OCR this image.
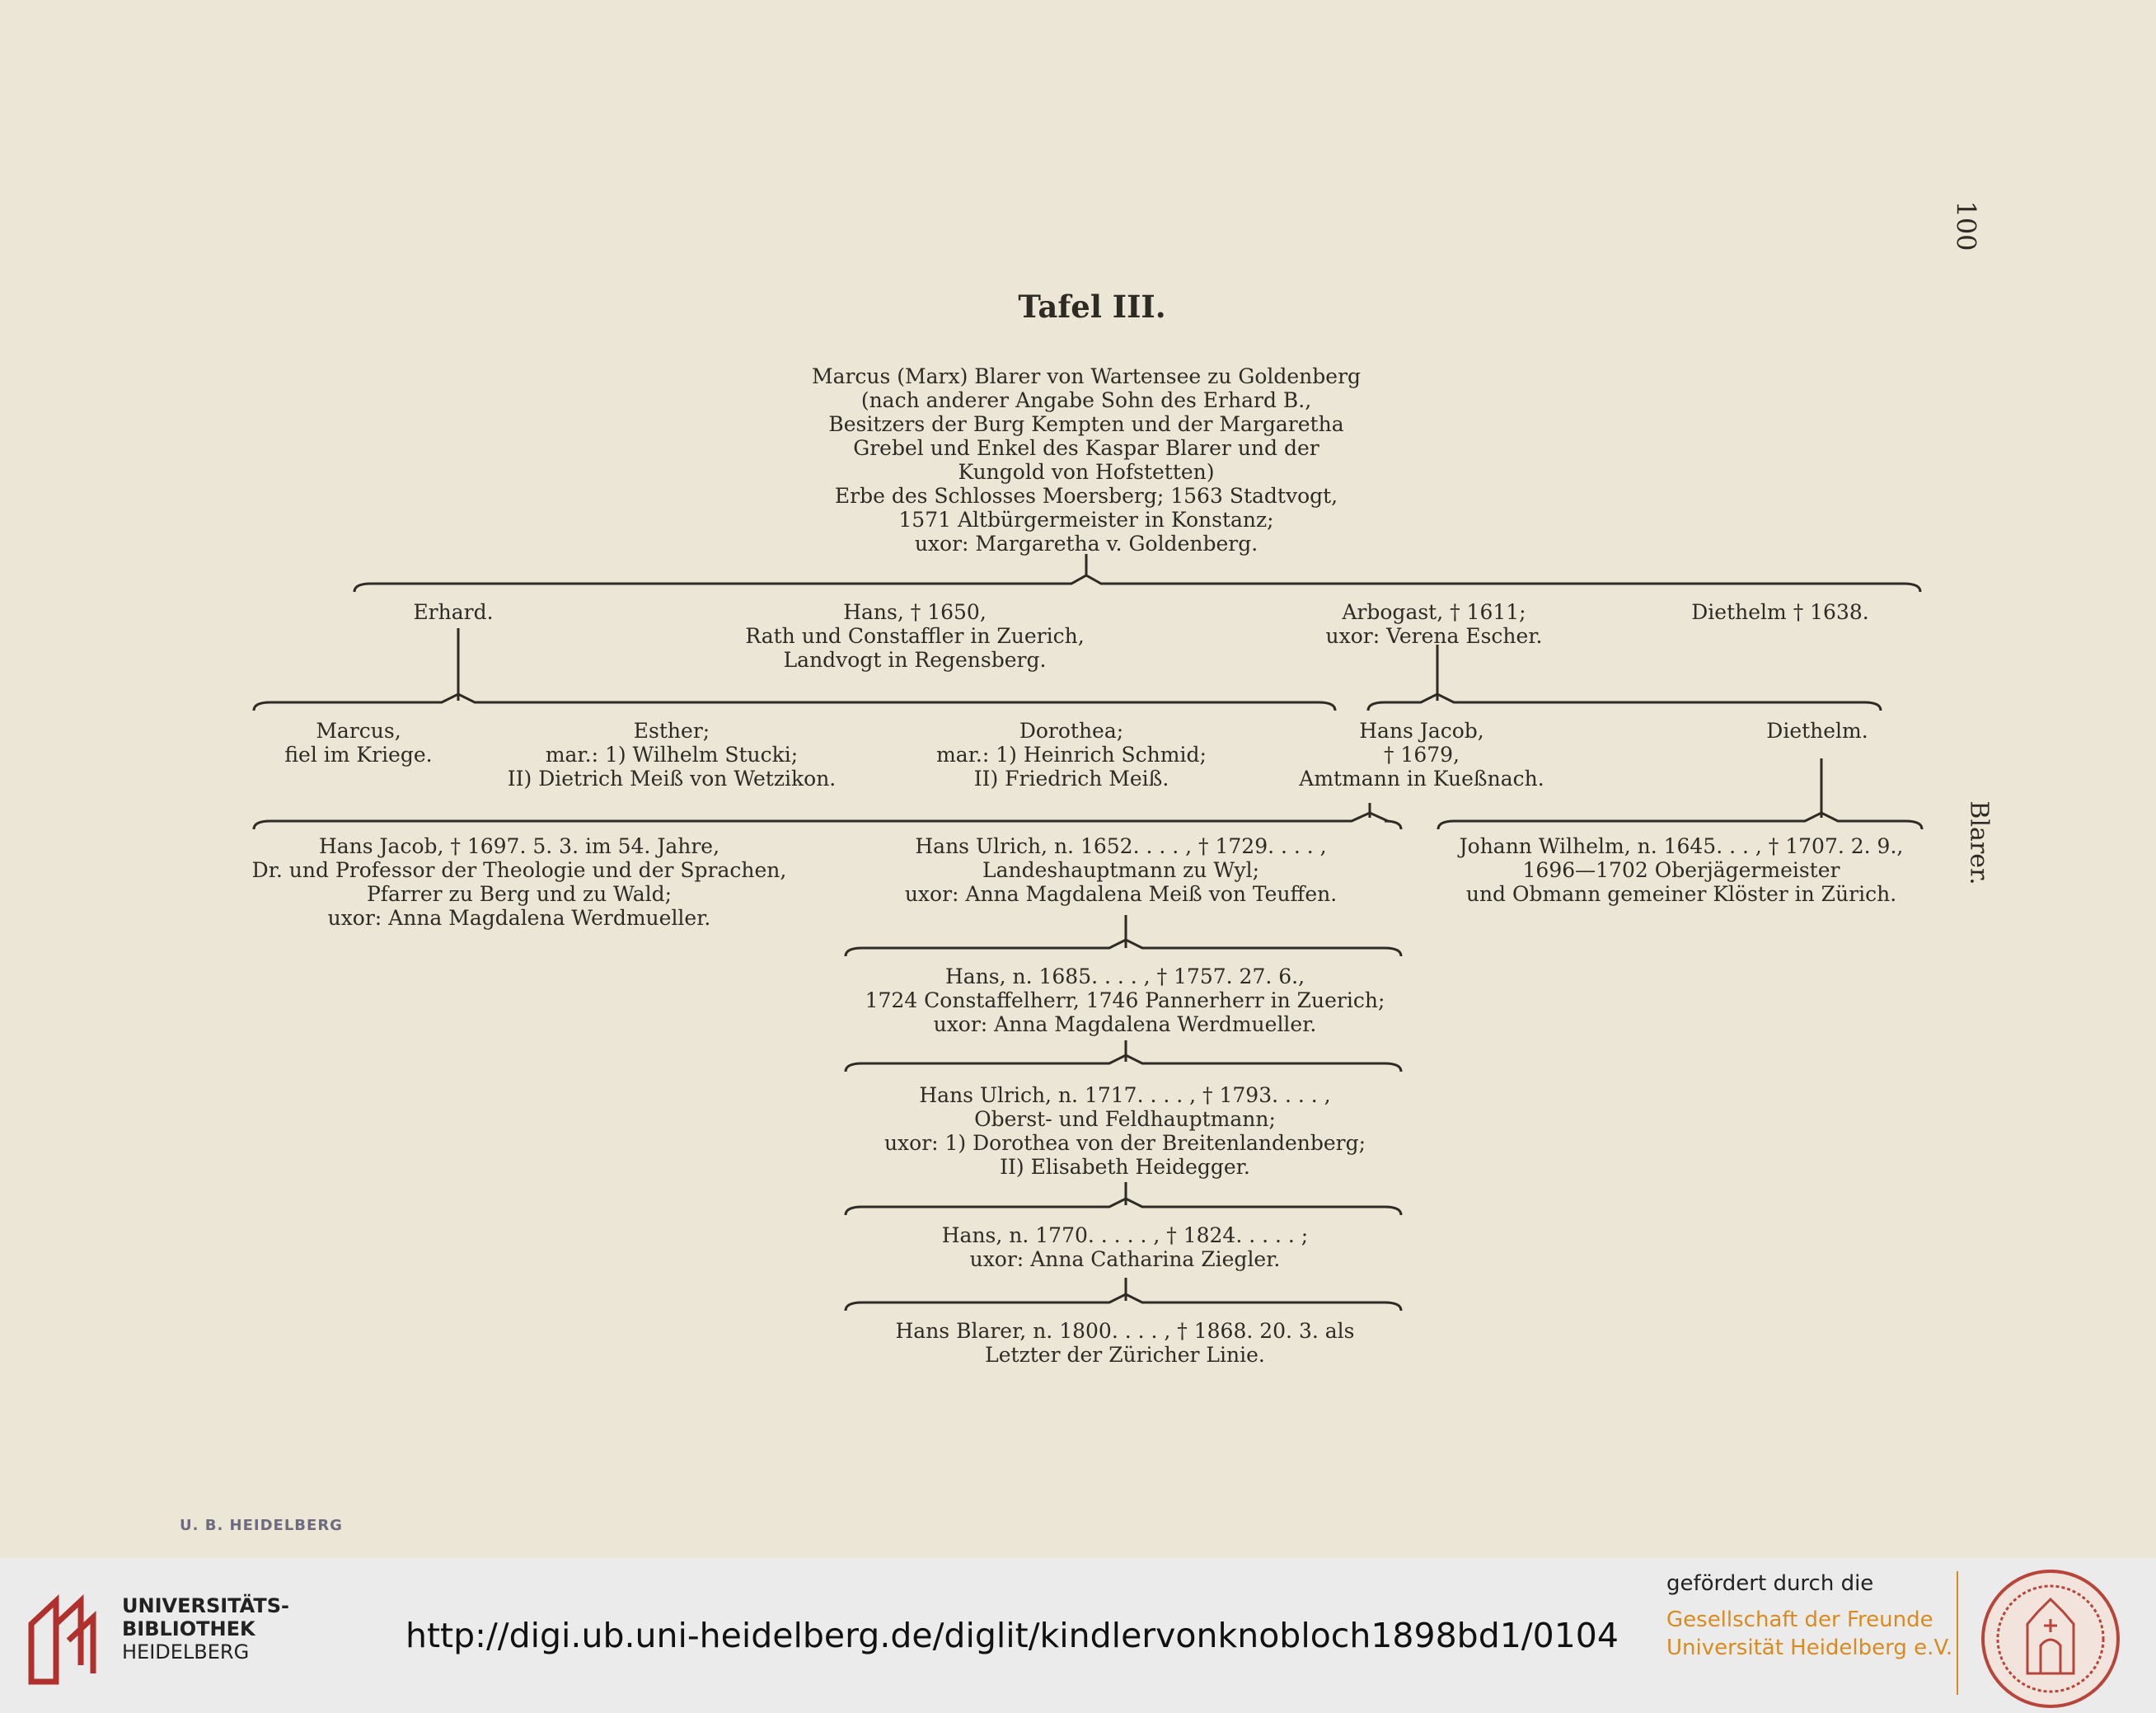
100
Tafel III.
Blarer.
Marcus (Marx) Blarer von Wartensee zu Goldenberg
(nach anderer Angabe Sohn des Erhard B.,
Besitzers der Burg Kempten und der Margaretha
Grebel und Enkel des Kaspar Blarer und der
Kungold von Hofstetten)
Erbe des Schlosses Moersberg; 1563 Stadtvogt,
1571 Altbürgermeister in Konstanz;
uxor: Margaretha v. Goldenberg.
Erhard.	Hans, † 1650,
Rath und Constaffler in Zuerich,
Landvogt in Regensberg.
Arbogast, † 1611;
uxor: Verena Escher.
Diethelm † 1638.
Marcus,
fiel im Kriege.
Esther;
mar.: 1) Wilhelm Stucki;
II) Dietrich Meiß von Wetzikon.
Dorothea;
mar.: 1) Heinrich Schmid;
II) Friedrich Meiß.
Hans Jacob,
† 1679,
Amtmann in Kueßnach.
Diethelm.
Hans Jacob, † 1697. 5. 3. im 54. Jahre,
Dr. und Professor der Theologie und der Sprachen,
Pfarrer zu Berg und zu Wald;
uxor: Anna Magdalena Werdmueller.
Hans Ulrich, n. 1652. . . . , † 1729. . . . ,
Landeshauptmann zu Wyl;
uxor: Anna Magdalena Meiß von Teuffen.
Johann Wilhelm, n. 1645. . . , † 1707. 2. 9.,
1696—1702 Oberjägermeister
und Obmann gemeiner Klöster in Zürich.
Hans, n. 1685. . . . , † 1757. 27. 6.,
1724 Constaffelherr, 1746 Pannerherr in Zuerich;
uxor: Anna Magdalena Werdmueller.
Hans Ulrich, n. 1717. . . . , † 1793. . . . ,
Oberst- und Feldhauptmann;
uxor: 1) Dorothea von der Breitenlandenberg;
II) Elisabeth Heidegger.
Hans, n. 1770. . . . . , † 1824. . . . . ;
uxor: Anna Catharina Ziegler.
Hans Blarer, n. 1800. . . . , † 1868. 20. 3. als
Letzter der Züricher Linie.
U. B. HEIDELBERG
UNIVERSITÄTS-
BIBLIOTHEK
HEIDELBERG	http://digi.ub.uni-heidelberg.de/diglit/kindlervonknobloch1898bd1/0104
gefördert durch die
Gesellschaft der Freunde
Universität Heidelberg e.V.
